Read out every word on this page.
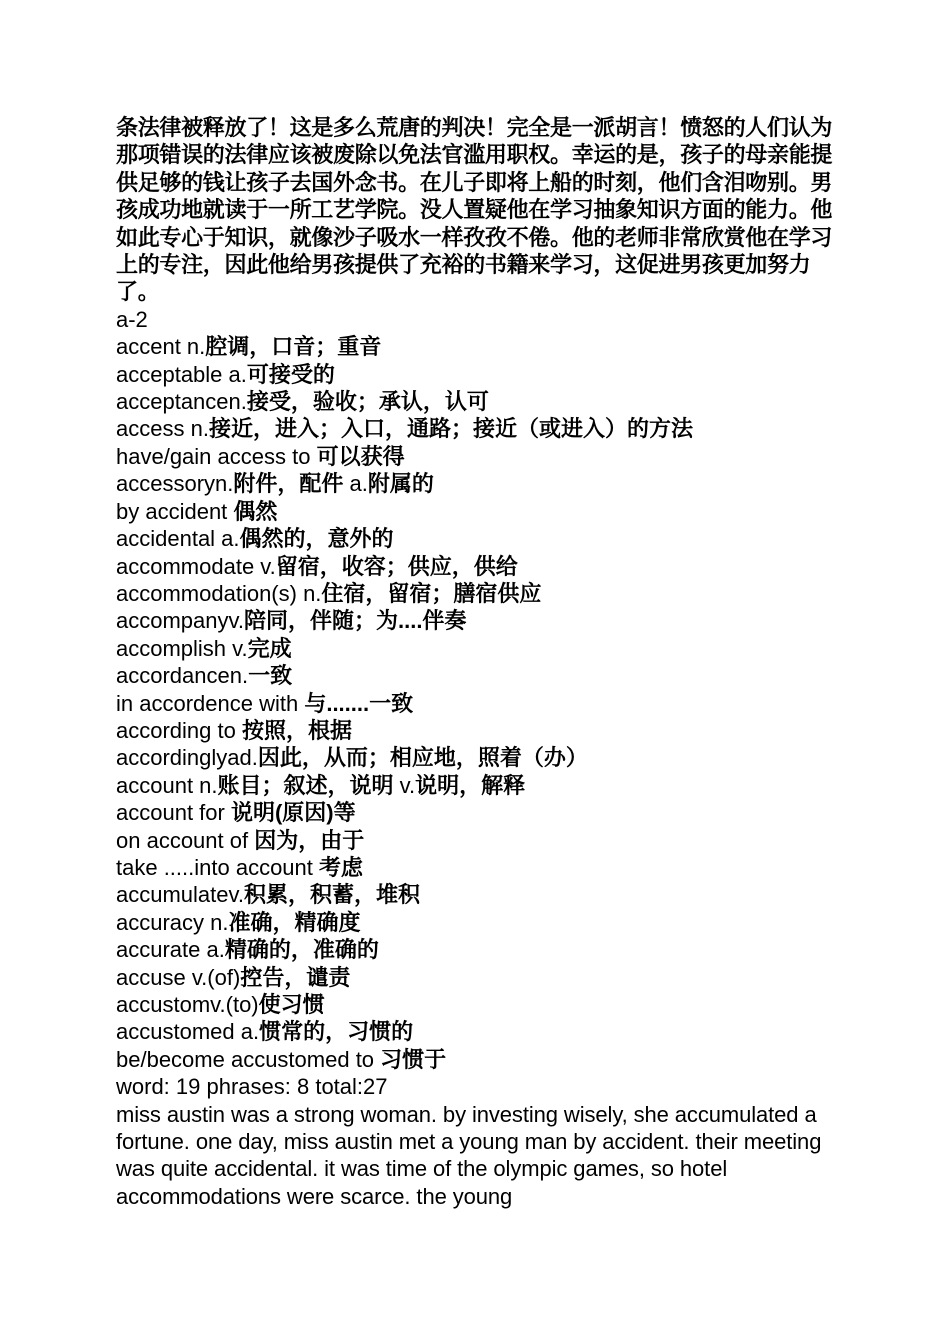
条法律被释放了！这是多么荒唐的判决！完全是一派胡言！愤怒的人们认为那项错误的法律应该被废除以免法官滥用职权。幸运的是，孩子的母亲能提供足够的钱让孩子去国外念书。在儿子即将上船的时刻，他们含泪吻别。男孩成功地就读于一所工艺学院。没人置疑他在学习抽象知识方面的能力。他如此专心于知识，就像沙子吸水一样孜孜不倦。他的老师非常欣赏他在学习上的专注，因此他给男孩提供了充裕的书籍来学习，这促进男孩更加努力了。

a-2
accent n.腔调，口音；重音
acceptable a.可接受的
acceptancen.接受，验收；承认，认可
access n.接近，进入；入口，通路；接近（或进入）的方法
have/gain access to 可以获得
accessoryn.附件，配件 a.附属的
by accident 偶然
accidental a.偶然的，意外的
accommodate v.留宿，收容；供应，供给
accommodation(s) n.住宿，留宿；膳宿供应
accompanyv.陪同，伴随；为....伴奏
accomplish v.完成
accordancen.一致
in accordence with 与.......一致
according to 按照，根据
accordinglyad.因此，从而；相应地，照着（办）
account n.账目；叙述，说明 v.说明，解释
account for 说明(原因)等
on account of 因为，由于
take .....into account 考虑
accumulatev.积累，积蓄，堆积
accuracy n.准确，精确度
accurate a.精确的，准确的
accuse v.(of)控告，谴责
accustomv.(to)使习惯
accustomed a.惯常的，习惯的
be/become accustomed to 习惯于
word: 19 phrases: 8 total:27

miss austin was a strong woman. by investing wisely, she accumulated a fortune. one day, miss austin met a young man by accident. their meeting was quite accidental. it was time of the olympic games, so hotel accommodations were scarce. the young
